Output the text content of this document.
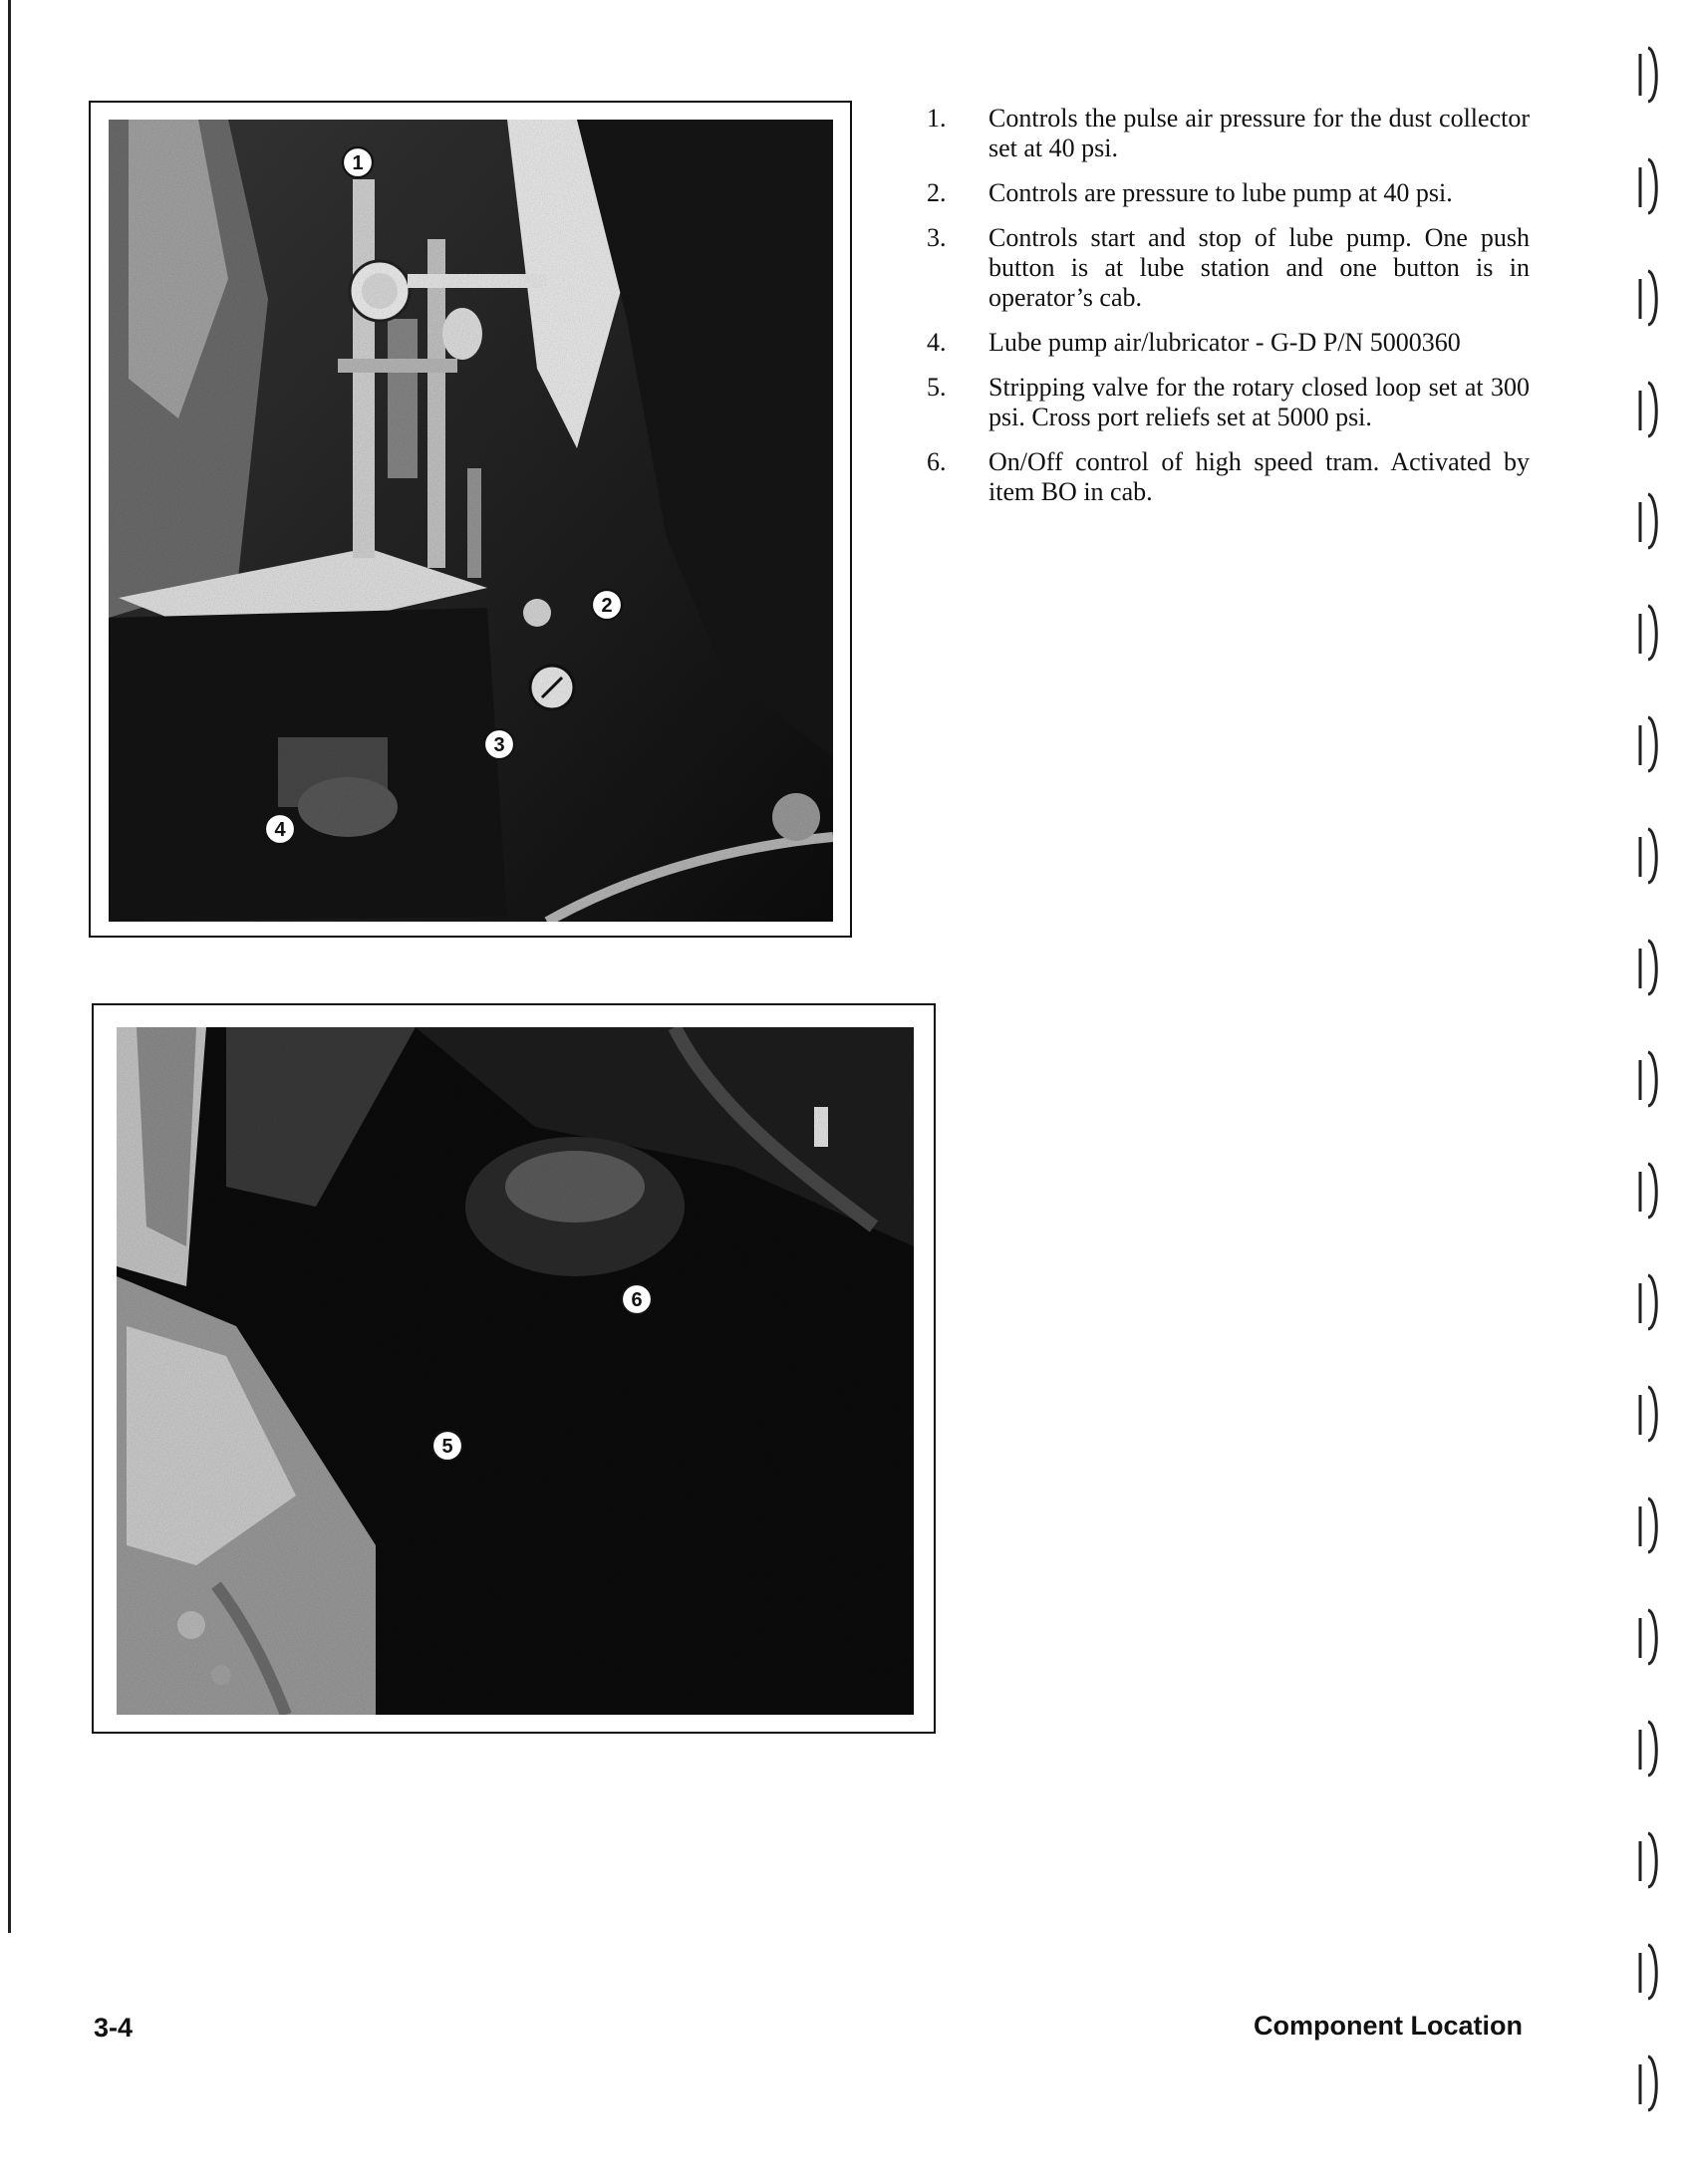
1
2
3
4
6
5
1. Controls the pulse air pressure for the dust collector set at 40 psi.
2. Controls are pressure to lube pump at 40 psi.
3. Controls start and stop of lube pump. One push button is at lube station and one button is in operator’s cab.
4. Lube pump air/lubricator - G-D P/N 5000360
5. Stripping valve for the rotary closed loop set at 300 psi. Cross port reliefs set at 5000 psi.
6. On/Off control of high speed tram. Activated by item BO in cab.
3-4	Component Location
